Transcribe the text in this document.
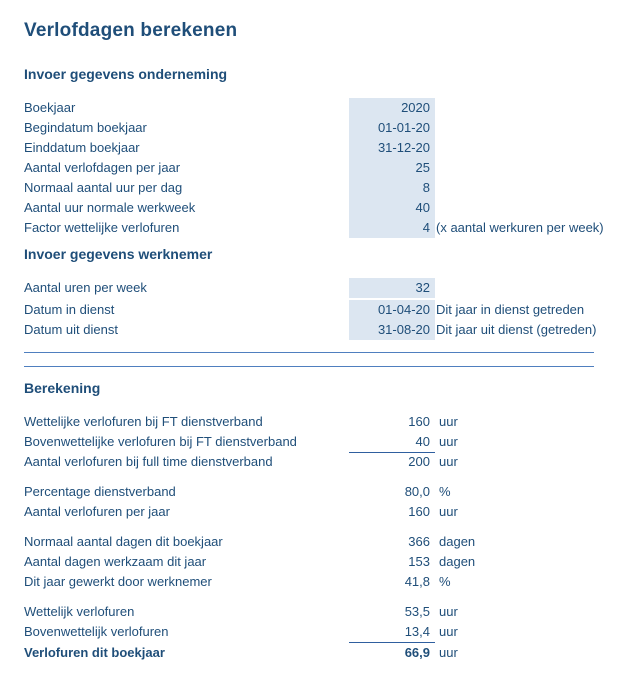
Verlofdagen berekenen
Invoer gegevens onderneming
Boekjaar	2020
Begindatum boekjaar	01-01-20
Einddatum boekjaar	31-12-20
Aantal verlofdagen per jaar	25
Normaal aantal uur per dag	8
Aantal uur normale werkweek	40
Factor wettelijke verlofuren	4 (x aantal werkuren per week)
Invoer gegevens werknemer
Aantal uren per week	32
Datum in dienst	01-04-20 Dit jaar in dienst getreden
Datum uit dienst	31-08-20 Dit jaar uit dienst (getreden)
Berekening
Wettelijke verlofuren bij FT dienstverband	160 uur
Bovenwettelijke verlofuren bij FT dienstverband	40 uur
Aantal verlofuren bij full time dienstverband	200 uur
Percentage dienstverband	80,0 %
Aantal verlofuren per jaar	160 uur
Normaal aantal dagen dit boekjaar	366 dagen
Aantal dagen werkzaam dit jaar	153 dagen
Dit jaar gewerkt door werknemer	41,8 %
Wettelijk verlofuren	53,5 uur
Bovenwettelijk verlofuren	13,4 uur
Verlofuren dit boekjaar	66,9 uur
